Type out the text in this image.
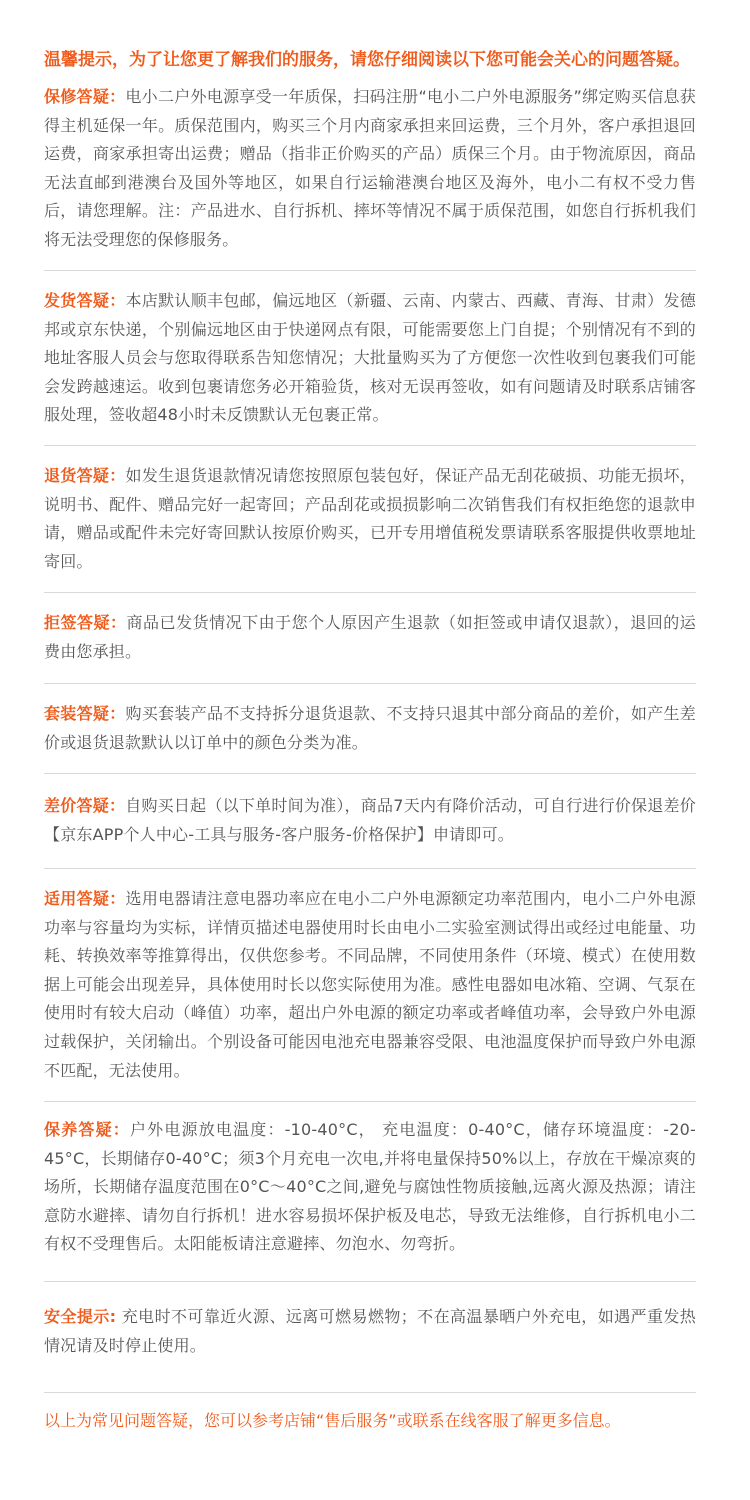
温馨提示，为了让您更了解我们的服务，请您仔细阅读以下您可能会关心的问题答疑。
保修答疑：电小二户外电源享受一年质保，扫码注册“电小二户外电源服务”绑定购买信息获得主机延保一年。质保范围内，购买三个月内商家承担来回运费，三个月外，客户承担退回运费，商家承担寄出运费；赠品（指非正价购买的产品）质保三个月。由于物流原因，商品无法直邮到港澳台及国外等地区，如果自行运输港澳台地区及海外，电小二有权不受力售后，请您理解。注：产品进水、自行拆机、摔坏等情况不属于质保范围，如您自行拆机我们将无法受理您的保修服务。
发货答疑：本店默认顺丰包邮，偏远地区（新疆、云南、内蒙古、西藏、青海、甘肃）发德邦或京东快递，个别偏远地区由于快递网点有限，可能需要您上门自提；个别情况有不到的地址客服人员会与您取得联系告知您情况；大批量购买为了方便您一次性收到包裹我们可能会发跨越速运。收到包裹请您务必开箱验货，核对无误再签收，如有问题请及时联系店铺客服处理，签收超48小时未反馈默认无包裹正常。
退货答疑：如发生退货退款情况请您按照原包装包好，保证产品无刮花破损、功能无损坏，说明书、配件、赠品完好一起寄回；产品刮花或损损影响二次销售我们有权拒绝您的退款申请，赠品或配件未完好寄回默认按原价购买，已开专用增值税发票请联系客服提供收票地址寄回。
拒签答疑：商品已发货情况下由于您个人原因产生退款（如拒签或申请仅退款），退回的运费由您承担。
套装答疑：购买套装产品不支持拆分退货退款、不支持只退其中部分商品的差价，如产生差价或退货退款默认以订单中的颜色分类为准。
差价答疑：自购买日起（以下单时间为准），商品7天内有降价活动，可自行进行价保退差价【京东APP个人中心-工具与服务-客户服务-价格保护】申请即可。
适用答疑：选用电器请注意电器功率应在电小二户外电源额定功率范围内，电小二户外电源功率与容量均为实标，详情页描述电器使用时长由电小二实验室测试得出或经过电能量、功耗、转换效率等推算得出，仅供您参考。不同品牌，不同使用条件（环境、模式）在使用数据上可能会出现差异，具体使用时长以您实际使用为准。感性电器如电冰箱、空调、气泵在使用时有较大启动（峰值）功率，超出户外电源的额定功率或者峰值功率，会导致户外电源过载保护，关闭输出。个别设备可能因电池充电器兼容受限、电池温度保护而导致户外电源不匹配，无法使用。
保养答疑：户外电源放电温度：-10-40°C， 充电温度：0-40°C，储存环境温度：-20-45°C，长期储存0-40°C；须3个月充电一次电,并将电量保持50%以上，存放在干燥凉爽的场所，长期储存温度范围在0°C～40°C之间,避免与腐蚀性物质接触,远离火源及热源；请注意防水避摔、请勿自行拆机！进水容易损坏保护板及电芯，导致无法维修，自行拆机电小二有权不受理售后。太阳能板请注意避摔、勿泡水、勿弯折。
安全提示: 充电时不可靠近火源、远离可燃易燃物；不在高温暴晒户外充电，如遇严重发热情况请及时停止使用。
以上为常见问题答疑，您可以参考店铺“售后服务”或联系在线客服了解更多信息。
